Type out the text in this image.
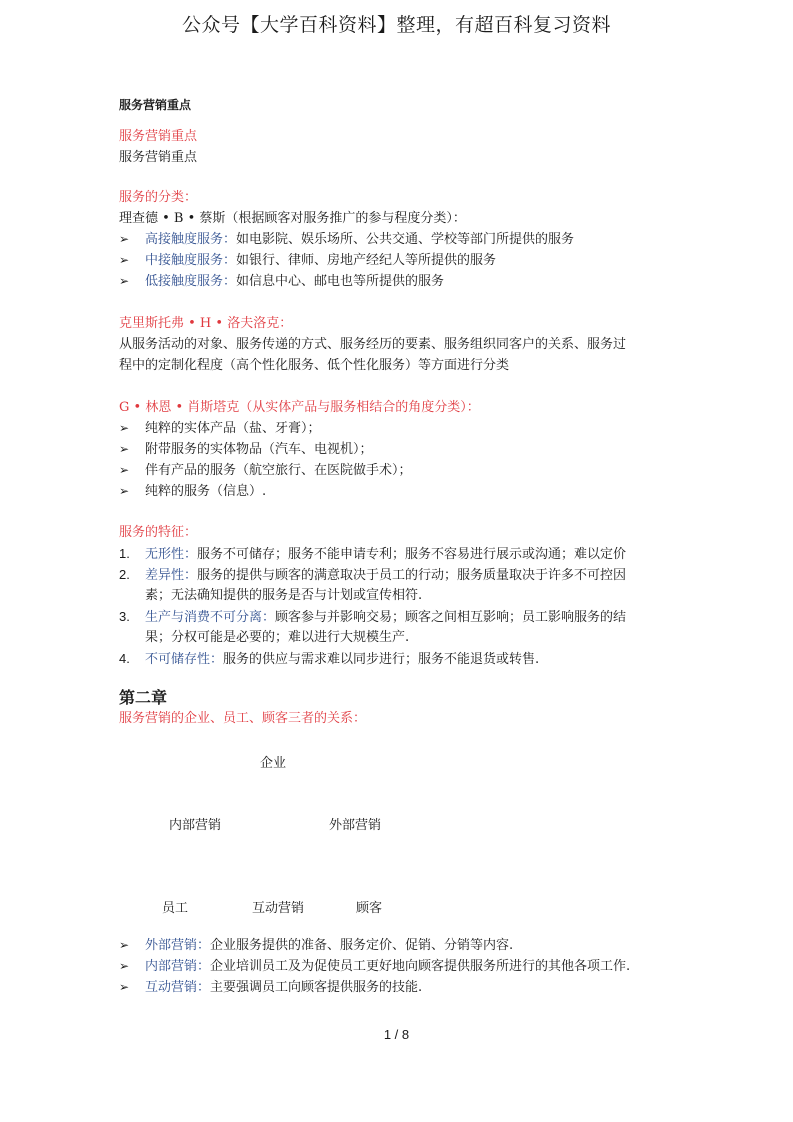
公众号【大学百科资料】整理，有超百科复习资料
服务营销重点
服务营销重点
服务营销重点
服务的分类：
理查德 • B • 蔡斯（根据顾客对服务推广的参与程度分类）：
➢ 高接触度服务：如电影院、娱乐场所、公共交通、学校等部门所提供的服务
➢ 中接触度服务：如银行、律师、房地产经纪人等所提供的服务
➢ 低接触度服务：如信息中心、邮电也等所提供的服务
克里斯托弗 • H • 洛夫洛克：
从服务活动的对象、服务传递的方式、服务经历的要素、服务组织同客户的关系、服务过
程中的定制化程度（高个性化服务、低个性化服务）等方面进行分类
G • 林恩 • 肖斯塔克（从实体产品与服务相结合的角度分类）：
➢ 纯粹的实体产品（盐、牙膏）；
➢ 附带服务的实体物品（汽车、电视机）；
➢ 伴有产品的服务（航空旅行、在医院做手术）；
➢ 纯粹的服务（信息）.
服务的特征：
1. 无形性：服务不可储存；服务不能申请专利；服务不容易进行展示或沟通；难以定价
2. 差异性：服务的提供与顾客的满意取决于员工的行动；服务质量取决于许多不可控因
素；无法确知提供的服务是否与计划或宣传相符.
3. 生产与消费不可分离：顾客参与并影响交易；顾客之间相互影响；员工影响服务的结
果；分权可能是必要的；难以进行大规模生产.
4. 不可储存性：服务的供应与需求难以同步进行；服务不能退货或转售.
第二章
服务营销的企业、员工、顾客三者的关系：
企业
内部营销	外部营销
员工	互动营销	顾客
➢ 外部营销：企业服务提供的准备、服务定价、促销、分销等内容.
➢ 内部营销：企业培训员工及为促使员工更好地向顾客提供服务所进行的其他各项工作.
➢ 互动营销：主要强调员工向顾客提供服务的技能.
1 / 8
